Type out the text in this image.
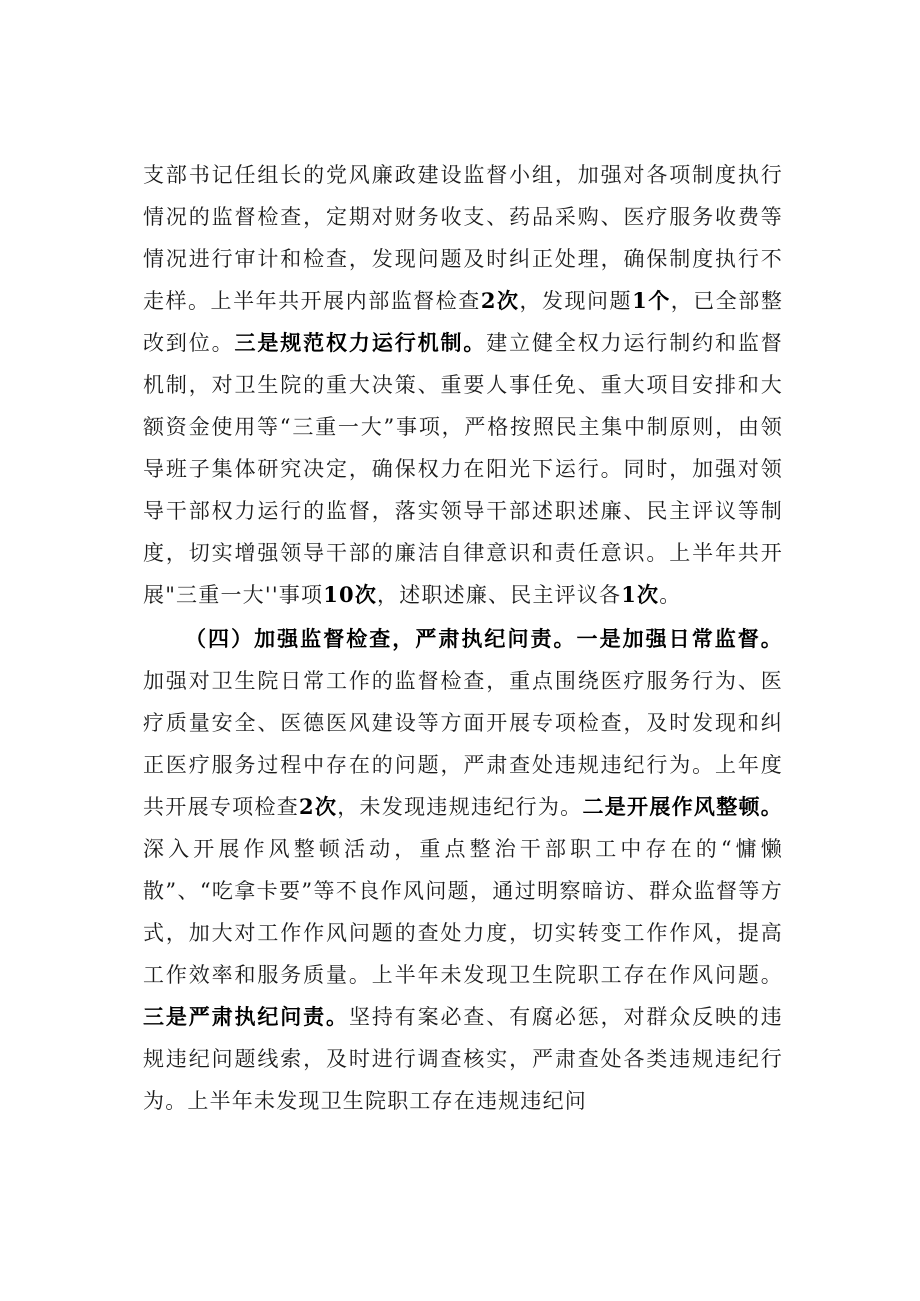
支部书记任组长的党风廉政建设监督小组，加强对各项制度执行情况的监督检查，定期对财务收支、药品采购、医疗服务收费等情况进行审计和检查，发现问题及时纠正处理，确保制度执行不走样。上半年共开展内部监督检查2次，发现问题1个，已全部整改到位。三是规范权力运行机制。建立健全权力运行制约和监督机制，对卫生院的重大决策、重要人事任免、重大项目安排和大额资金使用等“三重一大”事项，严格按照民主集中制原则，由领导班子集体研究决定，确保权力在阳光下运行。同时，加强对领导干部权力运行的监督，落实领导干部述职述廉、民主评议等制度，切实增强领导干部的廉洁自律意识和责任意识。上半年共开展"三重一大''事项10次，述职述廉、民主评议各1次。

（四）加强监督检查，严肃执纪问责。一是加强日常监督。加强对卫生院日常工作的监督检查，重点围绕医疗服务行为、医疗质量安全、医德医风建设等方面开展专项检查，及时发现和纠正医疗服务过程中存在的问题，严肃查处违规违纪行为。上年度共开展专项检查2次，未发现违规违纪行为。二是开展作风整顿。深入开展作风整顿活动，重点整治干部职工中存在的“慵懒散”、“吃拿卡要”等不良作风问题，通过明察暗访、群众监督等方式，加大对工作作风问题的查处力度，切实转变工作作风，提高工作效率和服务质量。上半年未发现卫生院职工存在作风问题。三是严肃执纪问责。坚持有案必查、有腐必惩，对群众反映的违规违纪问题线索，及时进行调查核实，严肃查处各类违规违纪行为。上半年未发现卫生院职工存在违规违纪问
